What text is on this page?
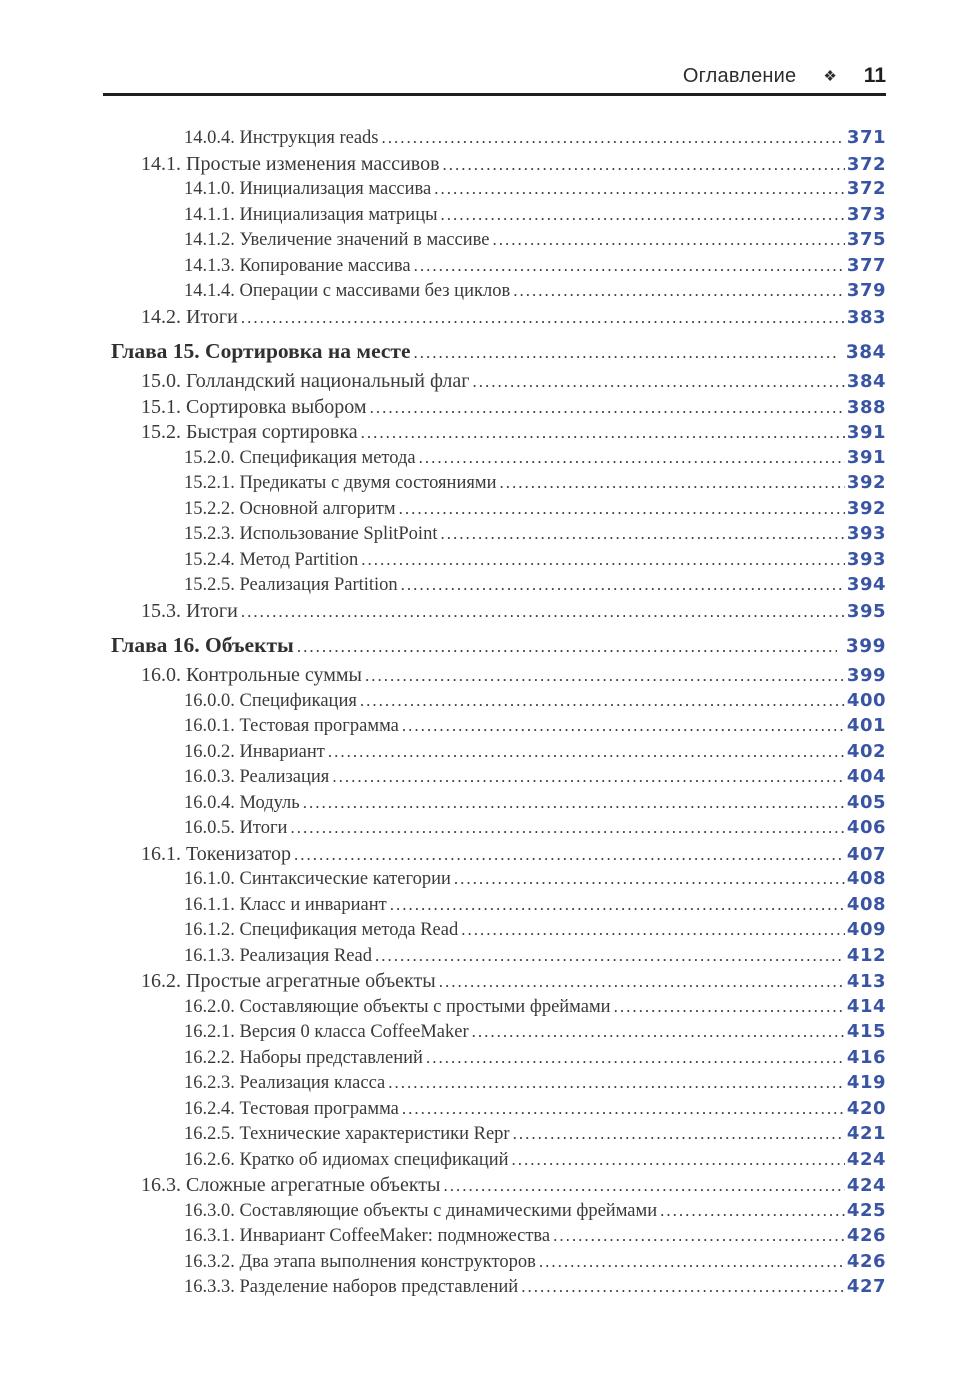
Оглавление ❖ 11
14.0.4. Инструкция reads .....	371
14.1. Простые изменения массивов .....	372
14.1.0. Инициализация массива .....	372
14.1.1. Инициализация матрицы .....	373
14.1.2. Увеличение значений в массиве .....	375
14.1.3. Копирование массива .....	377
14.1.4. Операции с массивами без циклов .....	379
14.2. Итоги .....	383
Глава 15. Сортировка на месте .....	384
15.0. Голландский национальный флаг .....	384
15.1. Сортировка выбором .....	388
15.2. Быстрая сортировка .....	391
15.2.0. Спецификация метода .....	391
15.2.1. Предикаты с двумя состояниями .....	392
15.2.2. Основной алгоритм .....	392
15.2.3. Использование SplitPoint .....	393
15.2.4. Метод Partition .....	393
15.2.5. Реализация Partition .....	394
15.3. Итоги .....	395
Глава 16. Объекты .....	399
16.0. Контрольные суммы .....	399
16.0.0. Спецификация .....	400
16.0.1. Тестовая программа .....	401
16.0.2. Инвариант .....	402
16.0.3. Реализация .....	404
16.0.4. Модуль .....	405
16.0.5. Итоги .....	406
16.1. Токенизатор .....	407
16.1.0. Синтаксические категории .....	408
16.1.1. Класс и инвариант .....	408
16.1.2. Спецификация метода Read .....	409
16.1.3. Реализация Read .....	412
16.2. Простые агрегатные объекты .....	413
16.2.0. Составляющие объекты с простыми фреймами .....	414
16.2.1. Версия 0 класса CoffeeMaker .....	415
16.2.2. Наборы представлений .....	416
16.2.3. Реализация класса .....	419
16.2.4. Тестовая программа .....	420
16.2.5. Технические характеристики Repr .....	421
16.2.6. Кратко об идиомах спецификаций .....	424
16.3. Сложные агрегатные объекты .....	424
16.3.0. Составляющие объекты с динамическими фреймами .....	425
16.3.1. Инвариант CoffeeMaker: подмножества .....	426
16.3.2. Два этапа выполнения конструкторов .....	426
16.3.3. Разделение наборов представлений .....	427
